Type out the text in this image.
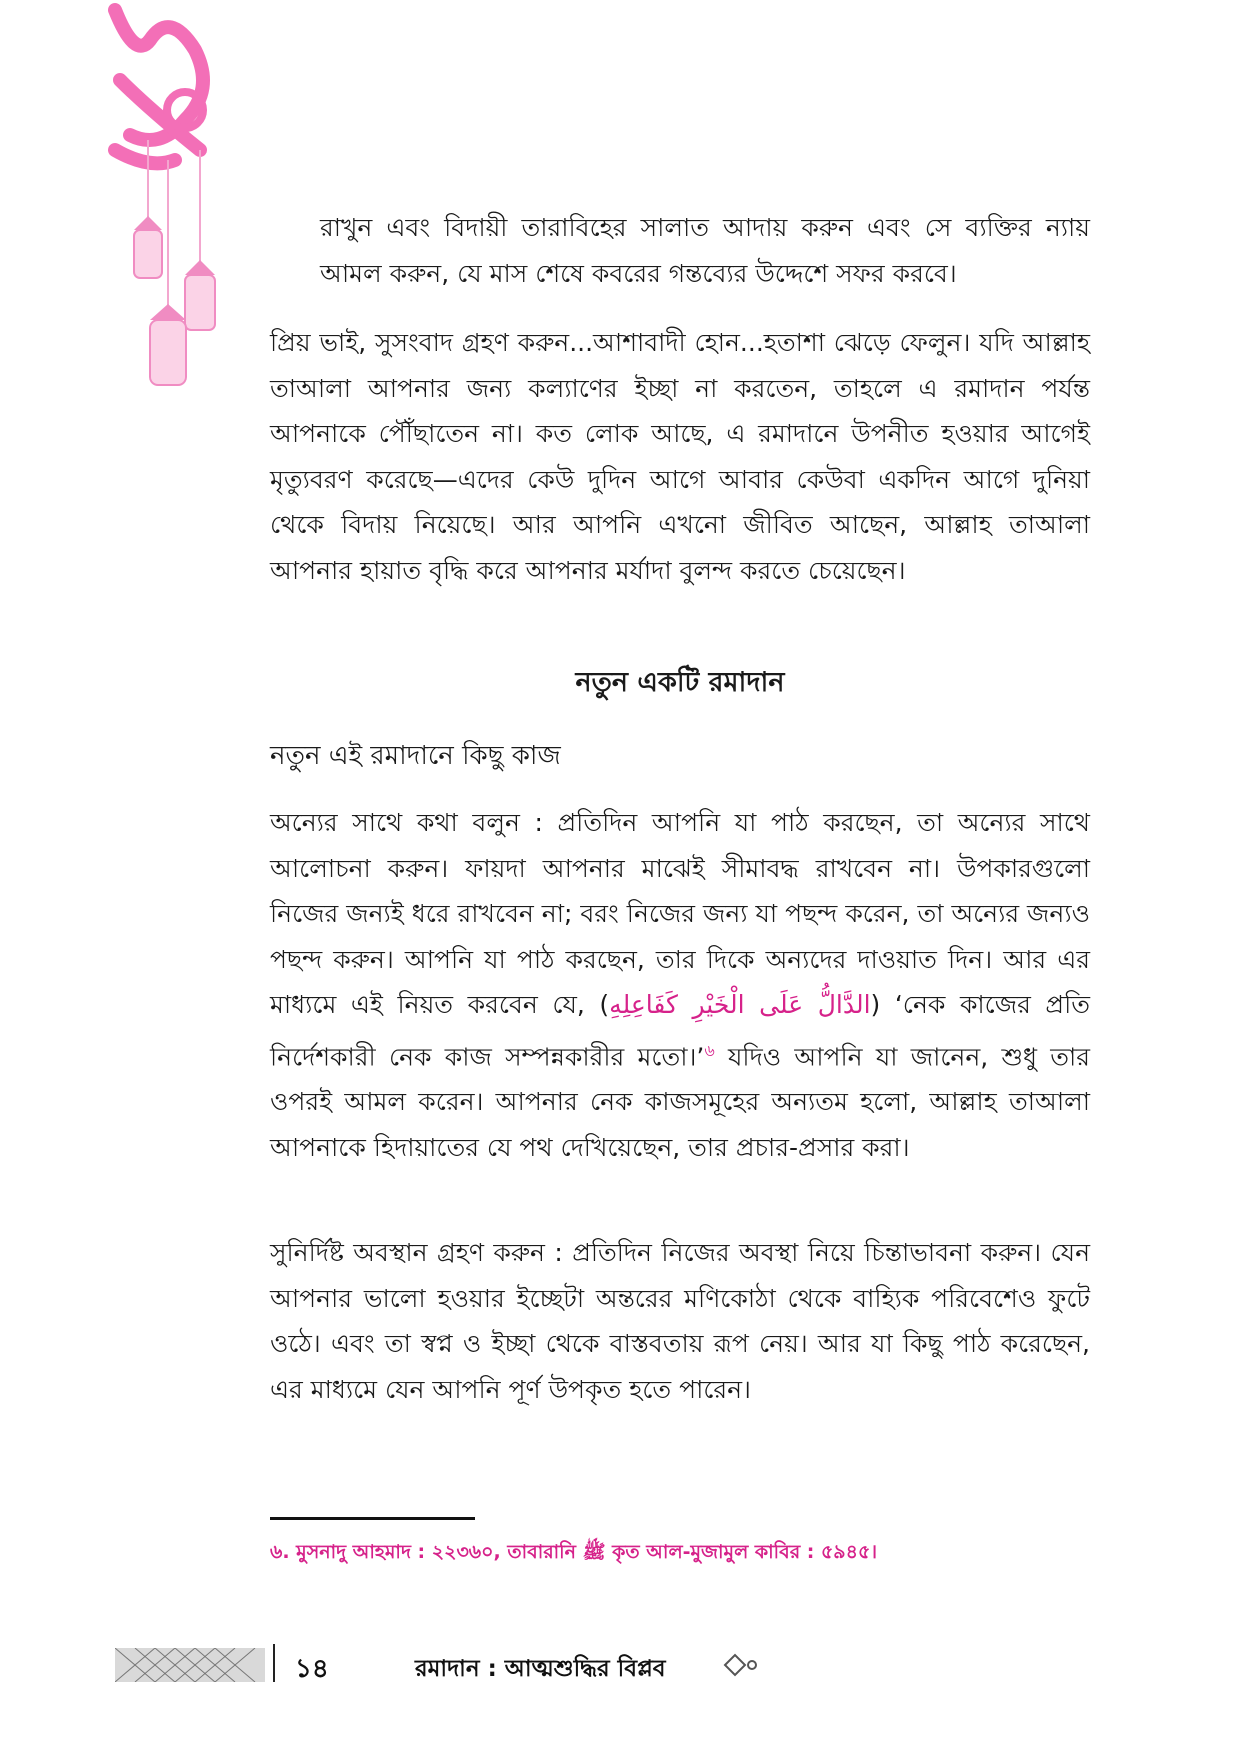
রাখুন এবং বিদায়ী তারাবিহের সালাত আদায় করুন এবং সে ব্যক্তির ন্যায় আমল করুন, যে মাস শেষে কবরের গন্তব্যের উদ্দেশে সফর করবে।

প্রিয় ভাই, সুসংবাদ গ্রহণ করুন...আশাবাদী হোন...হতাশা ঝেড়ে ফেলুন। যদি আল্লাহ তাআলা আপনার জন্য কল্যাণের ইচ্ছা না করতেন, তাহলে এ রমাদান পর্যন্ত আপনাকে পৌঁছাতেন না। কত লোক আছে, এ রমাদানে উপনীত হওয়ার আগেই মৃত্যুবরণ করেছে—এদের কেউ দুদিন আগে আবার কেউবা একদিন আগে দুনিয়া থেকে বিদায় নিয়েছে। আর আপনি এখনো জীবিত আছেন, আল্লাহ তাআলা আপনার হায়াত বৃদ্ধি করে আপনার মর্যাদা বুলন্দ করতে চেয়েছেন।

নতুন একটি রমাদান

নতুন এই রমাদানে কিছু কাজ

অন্যের সাথে কথা বলুন : প্রতিদিন আপনি যা পাঠ করছেন, তা অন্যের সাথে আলোচনা করুন। ফায়দা আপনার মাঝেই সীমাবদ্ধ রাখবেন না। উপকারগুলো নিজের জন্যই ধরে রাখবেন না; বরং নিজের জন্য যা পছন্দ করেন, তা অন্যের জন্যও পছন্দ করুন। আপনি যা পাঠ করছেন, তার দিকে অন্যদের দাওয়াত দিন। আর এর মাধ্যমে এই নিয়ত করবেন যে, (الدَّالُّ عَلَى الْخَيْرِ كَفَاعِلِهِ) ‘নেক কাজের প্রতি নির্দেশকারী নেক কাজ সম্পন্নকারীর মতো।’$^৬$ যদিও আপনি যা জানেন, শুধু তার ওপরই আমল করেন। আপনার নেক কাজসমূহের অন্যতম হলো, আল্লাহ তাআলা আপনাকে হিদায়াতের যে পথ দেখিয়েছেন, তার প্রচার-প্রসার করা।

সুনির্দিষ্ট অবস্থান গ্রহণ করুন : প্রতিদিন নিজের অবস্থা নিয়ে চিন্তাভাবনা করুন। যেন আপনার ভালো হওয়ার ইচ্ছেটা অন্তরের মণিকোঠা থেকে বাহ্যিক পরিবেশেও ফুটে ওঠে। এবং তা স্বপ্ন ও ইচ্ছা থেকে বাস্তবতায় রূপ নেয়। আর যা কিছু পাঠ করেছেন, এর মাধ্যমে যেন আপনি পূর্ণ উপকৃত হতে পারেন।

৬. মুসনাদু আহমাদ : ২২৩৬০, তাবারানি ﷺ কৃত আল-মুজামুল কাবির : ৫৯৪৫।

১৪	রমাদান : আত্মশুদ্ধির বিপ্লব
